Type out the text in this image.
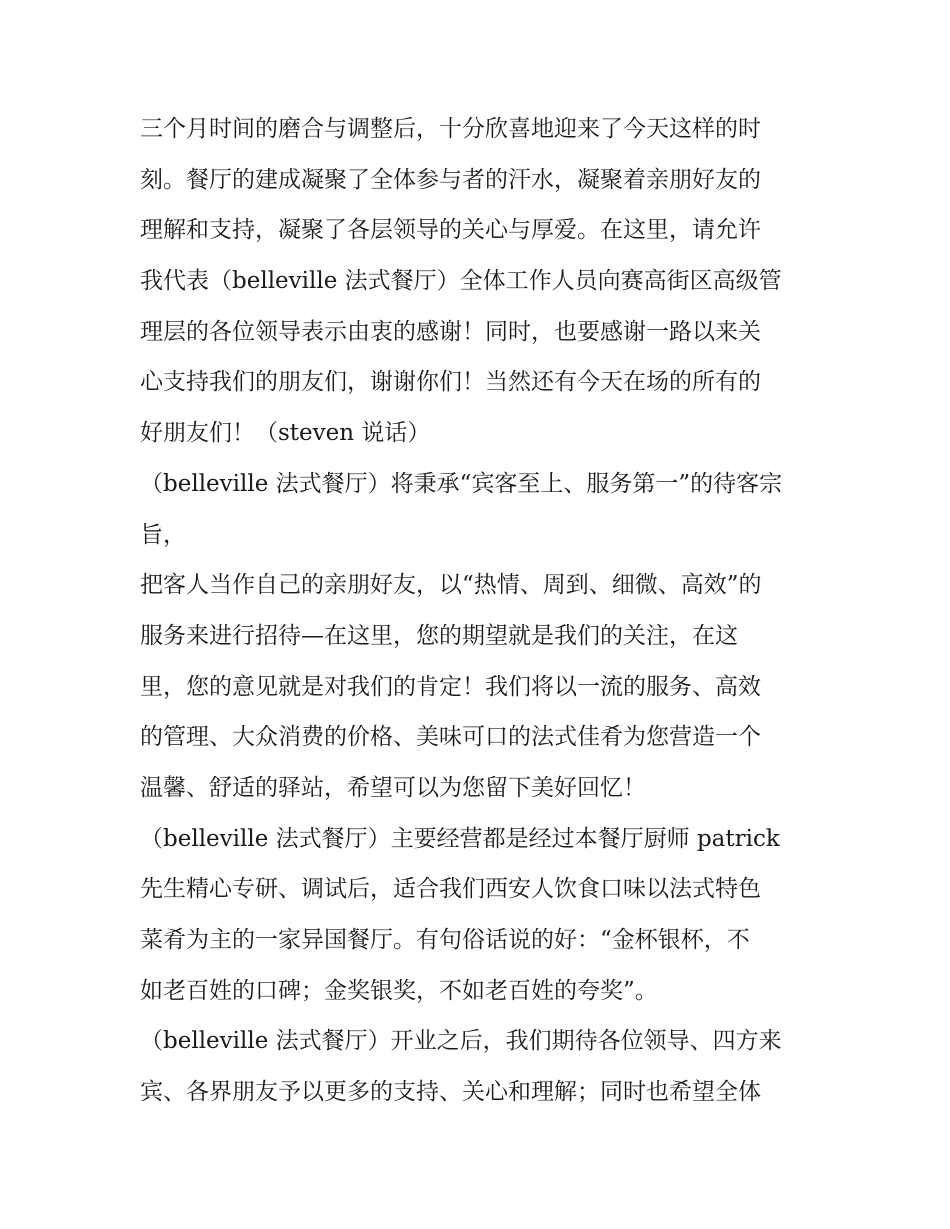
三个月时间的磨合与调整后，十分欣喜地迎来了今天这样的时
刻。餐厅的建成凝聚了全体参与者的汗水，凝聚着亲朋好友的
理解和支持，凝聚了各层领导的关心与厚爱。在这里，请允许
我代表（belleville 法式餐厅）全体工作人员向赛高街区高级管
理层的各位领导表示由衷的感谢！同时，也要感谢一路以来关
心支持我们的朋友们，谢谢你们！当然还有今天在场的所有的
好朋友们！（steven 说话）
（belleville 法式餐厅）将秉承“宾客至上、服务第一”的待客宗
旨，
把客人当作自己的亲朋好友，以“热情、周到、细微、高效”的
服务来进行招待—在这里，您的期望就是我们的关注，在这
里，您的意见就是对我们的肯定！我们将以一流的服务、高效
的管理、大众消费的价格、美味可口的法式佳肴为您营造一个
温馨、舒适的驿站，希望可以为您留下美好回忆！
（belleville 法式餐厅）主要经营都是经过本餐厅厨师 patrick
先生精心专研、调试后，适合我们西安人饮食口味以法式特色
菜肴为主的一家异国餐厅。有句俗话说的好：“金杯银杯，不
如老百姓的口碑；金奖银奖，不如老百姓的夸奖”。
（belleville 法式餐厅）开业之后，我们期待各位领导、四方来
宾、各界朋友予以更多的支持、关心和理解；同时也希望全体
